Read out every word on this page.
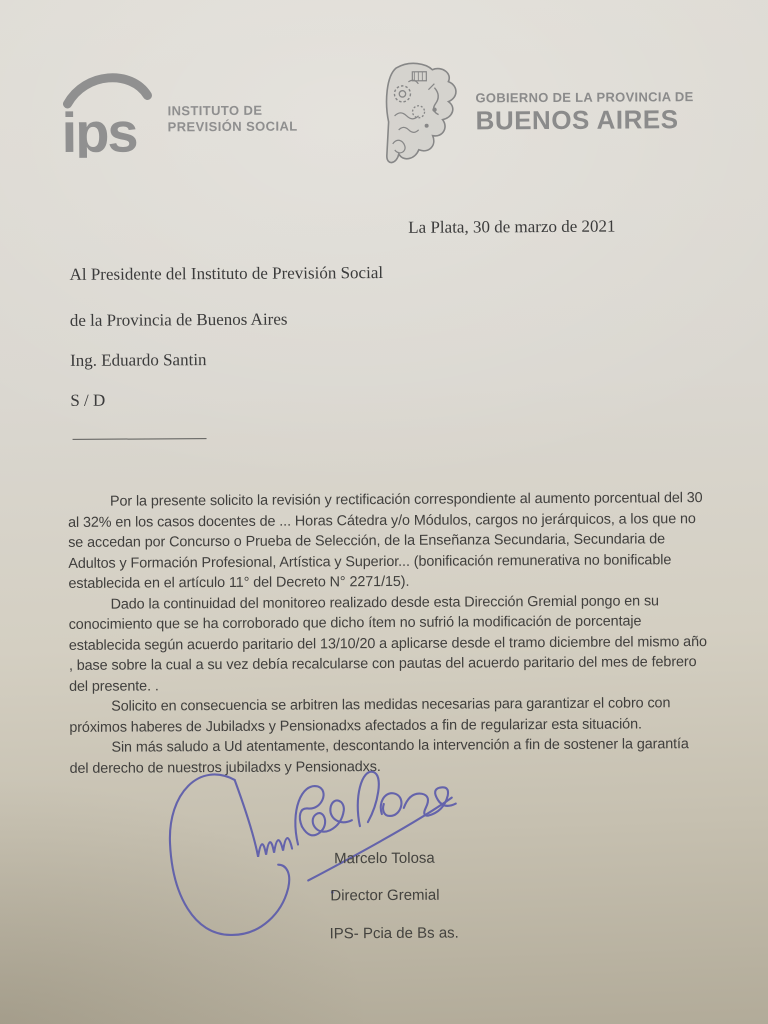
ips INSTITUTO DE
PREVISIÓN SOCIAL
GOBIERNO DE LA PROVINCIA DE
BUENOS AIRES
La Plata, 30 de marzo de 2021
Al Presidente del Instituto de Previsión Social
de la Provincia de Buenos Aires
Ing. Eduardo Santin
S / D

Por la presente solicito la revisión y rectificación correspondiente al aumento porcentual del 30 al 32% en los casos docentes de ... Horas Cátedra y/o Módulos, cargos no jerárquicos, a los que no se accedan por Concurso o Prueba de Selección, de la Enseñanza Secundaria, Secundaria de Adultos y Formación Profesional, Artística y Superior... (bonificación remunerativa no bonificable establecida en el artículo 11° del Decreto N° 2271/15).

Dado la continuidad del monitoreo realizado desde esta Dirección Gremial pongo en su conocimiento que se ha corroborado que dicho ítem no sufrió la modificación de porcentaje establecida según acuerdo paritario del 13/10/20 a aplicarse desde el tramo diciembre del mismo año , base sobre la cual a su vez debía recalcularse con pautas del acuerdo paritario del mes de febrero del presente. .

Solicito en consecuencia se arbitren las medidas necesarias para garantizar el cobro con próximos haberes de Jubiladxs y Pensionadxs afectados a fin de regularizar esta situación.

Sin más saludo a Ud atentamente, descontando la intervención a fin de sostener la garantía del derecho de nuestros jubiladxs y Pensionadxs.

Marcelo Tolosa
Director Gremial
IPS- Pcia de Bs as.
